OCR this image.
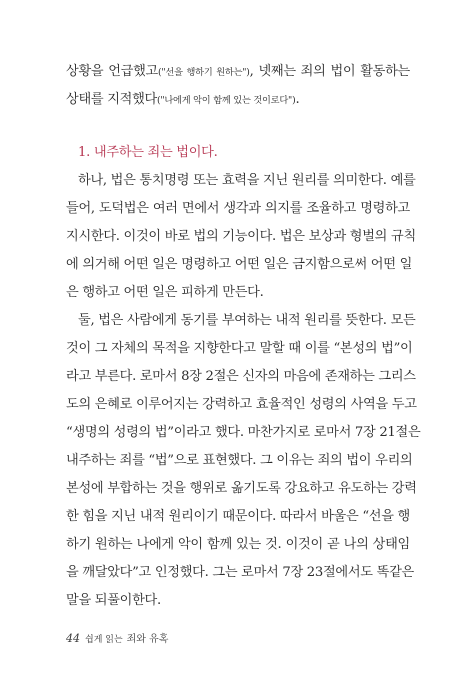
상황을 언급했고("선을 행하기 원하는"), 넷째는 죄의 법이 활동하는
상태를 지적했다("나에게 악이 함께 있는 것이로다").
1. 내주하는 죄는 법이다.
하나, 법은 통치명령 또는 효력을 지닌 원리를 의미한다. 예를
들어, 도덕법은 여러 면에서 생각과 의지를 조율하고 명령하고
지시한다. 이것이 바로 법의 기능이다. 법은 보상과 형벌의 규칙
에 의거해 어떤 일은 명령하고 어떤 일은 금지함으로써 어떤 일
은 행하고 어떤 일은 피하게 만든다.
둘, 법은 사람에게 동기를 부여하는 내적 원리를 뜻한다. 모든
것이 그 자체의 목적을 지향한다고 말할 때 이를 “본성의 법”이
라고 부른다. 로마서 8장 2절은 신자의 마음에 존재하는 그리스
도의 은혜로 이루어지는 강력하고 효율적인 성령의 사역을 두고
“생명의 성령의 법”이라고 했다. 마찬가지로 로마서 7장 21절은
내주하는 죄를 “법”으로 표현했다. 그 이유는 죄의 법이 우리의
본성에 부합하는 것을 행위로 옮기도록 강요하고 유도하는 강력
한 힘을 지닌 내적 원리이기 때문이다. 따라서 바울은 “선을 행
하기 원하는 나에게 악이 함께 있는 것. 이것이 곧 나의 상태임
을 깨달았다”고 인정했다. 그는 로마서 7장 23절에서도 똑같은
말을 되풀이한다.
44 쉽게 읽는 죄와 유혹
